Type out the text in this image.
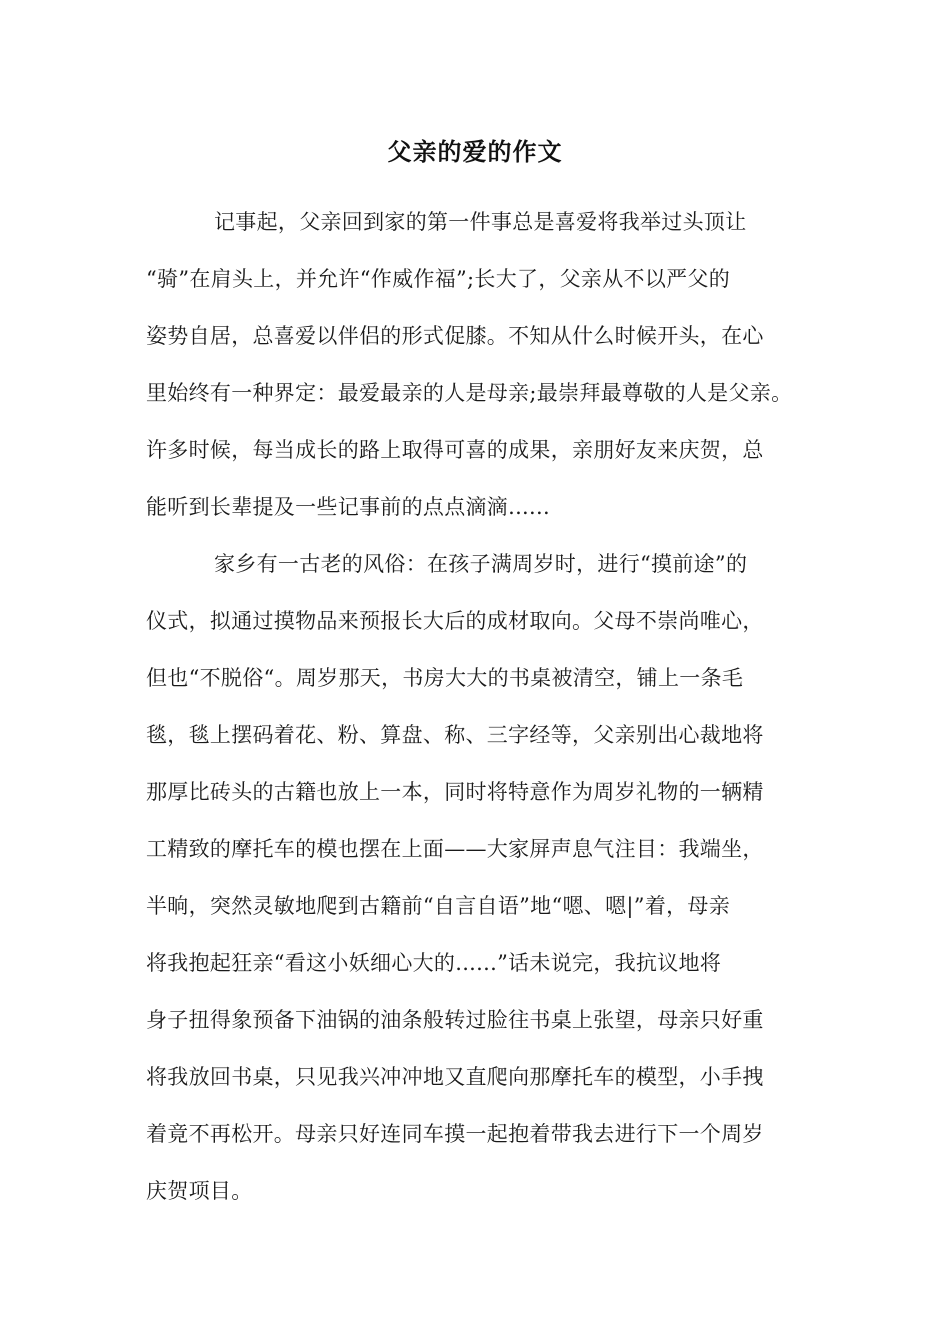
父亲的爱的作文
记事起，父亲回到家的第一件事总是喜爱将我举过头顶让
“骑”在肩头上，并允许“作威作福”;长大了，父亲从不以严父的
姿势自居，总喜爱以伴侣的形式促膝。不知从什么时候开头，在心
里始终有一种界定：最爱最亲的人是母亲;最崇拜最尊敬的人是父亲。
许多时候，每当成长的路上取得可喜的成果，亲朋好友来庆贺，总
能听到长辈提及一些记事前的点点滴滴......
家乡有一古老的风俗：在孩子满周岁时，进行“摸前途”的
仪式，拟通过摸物品来预报长大后的成材取向。父母不崇尚唯心，
但也“不脱俗“。周岁那天，书房大大的书桌被清空，铺上一条毛
毯，毯上摆码着花、粉、算盘、称、三字经等，父亲别出心裁地将
那厚比砖头的古籍也放上一本，同时将特意作为周岁礼物的一辆精
工精致的摩托车的模也摆在上面——大家屏声息气注目：我端坐，
半晌，突然灵敏地爬到古籍前“自言自语”地“嗯、嗯|”着，母亲
将我抱起狂亲“看这小妖细心大的......”话未说完，我抗议地将
身子扭得象预备下油锅的油条般转过脸往书桌上张望，母亲只好重
将我放回书桌，只见我兴冲冲地又直爬向那摩托车的模型，小手拽
着竟不再松开。母亲只好连同车摸一起抱着带我去进行下一个周岁
庆贺项目。
